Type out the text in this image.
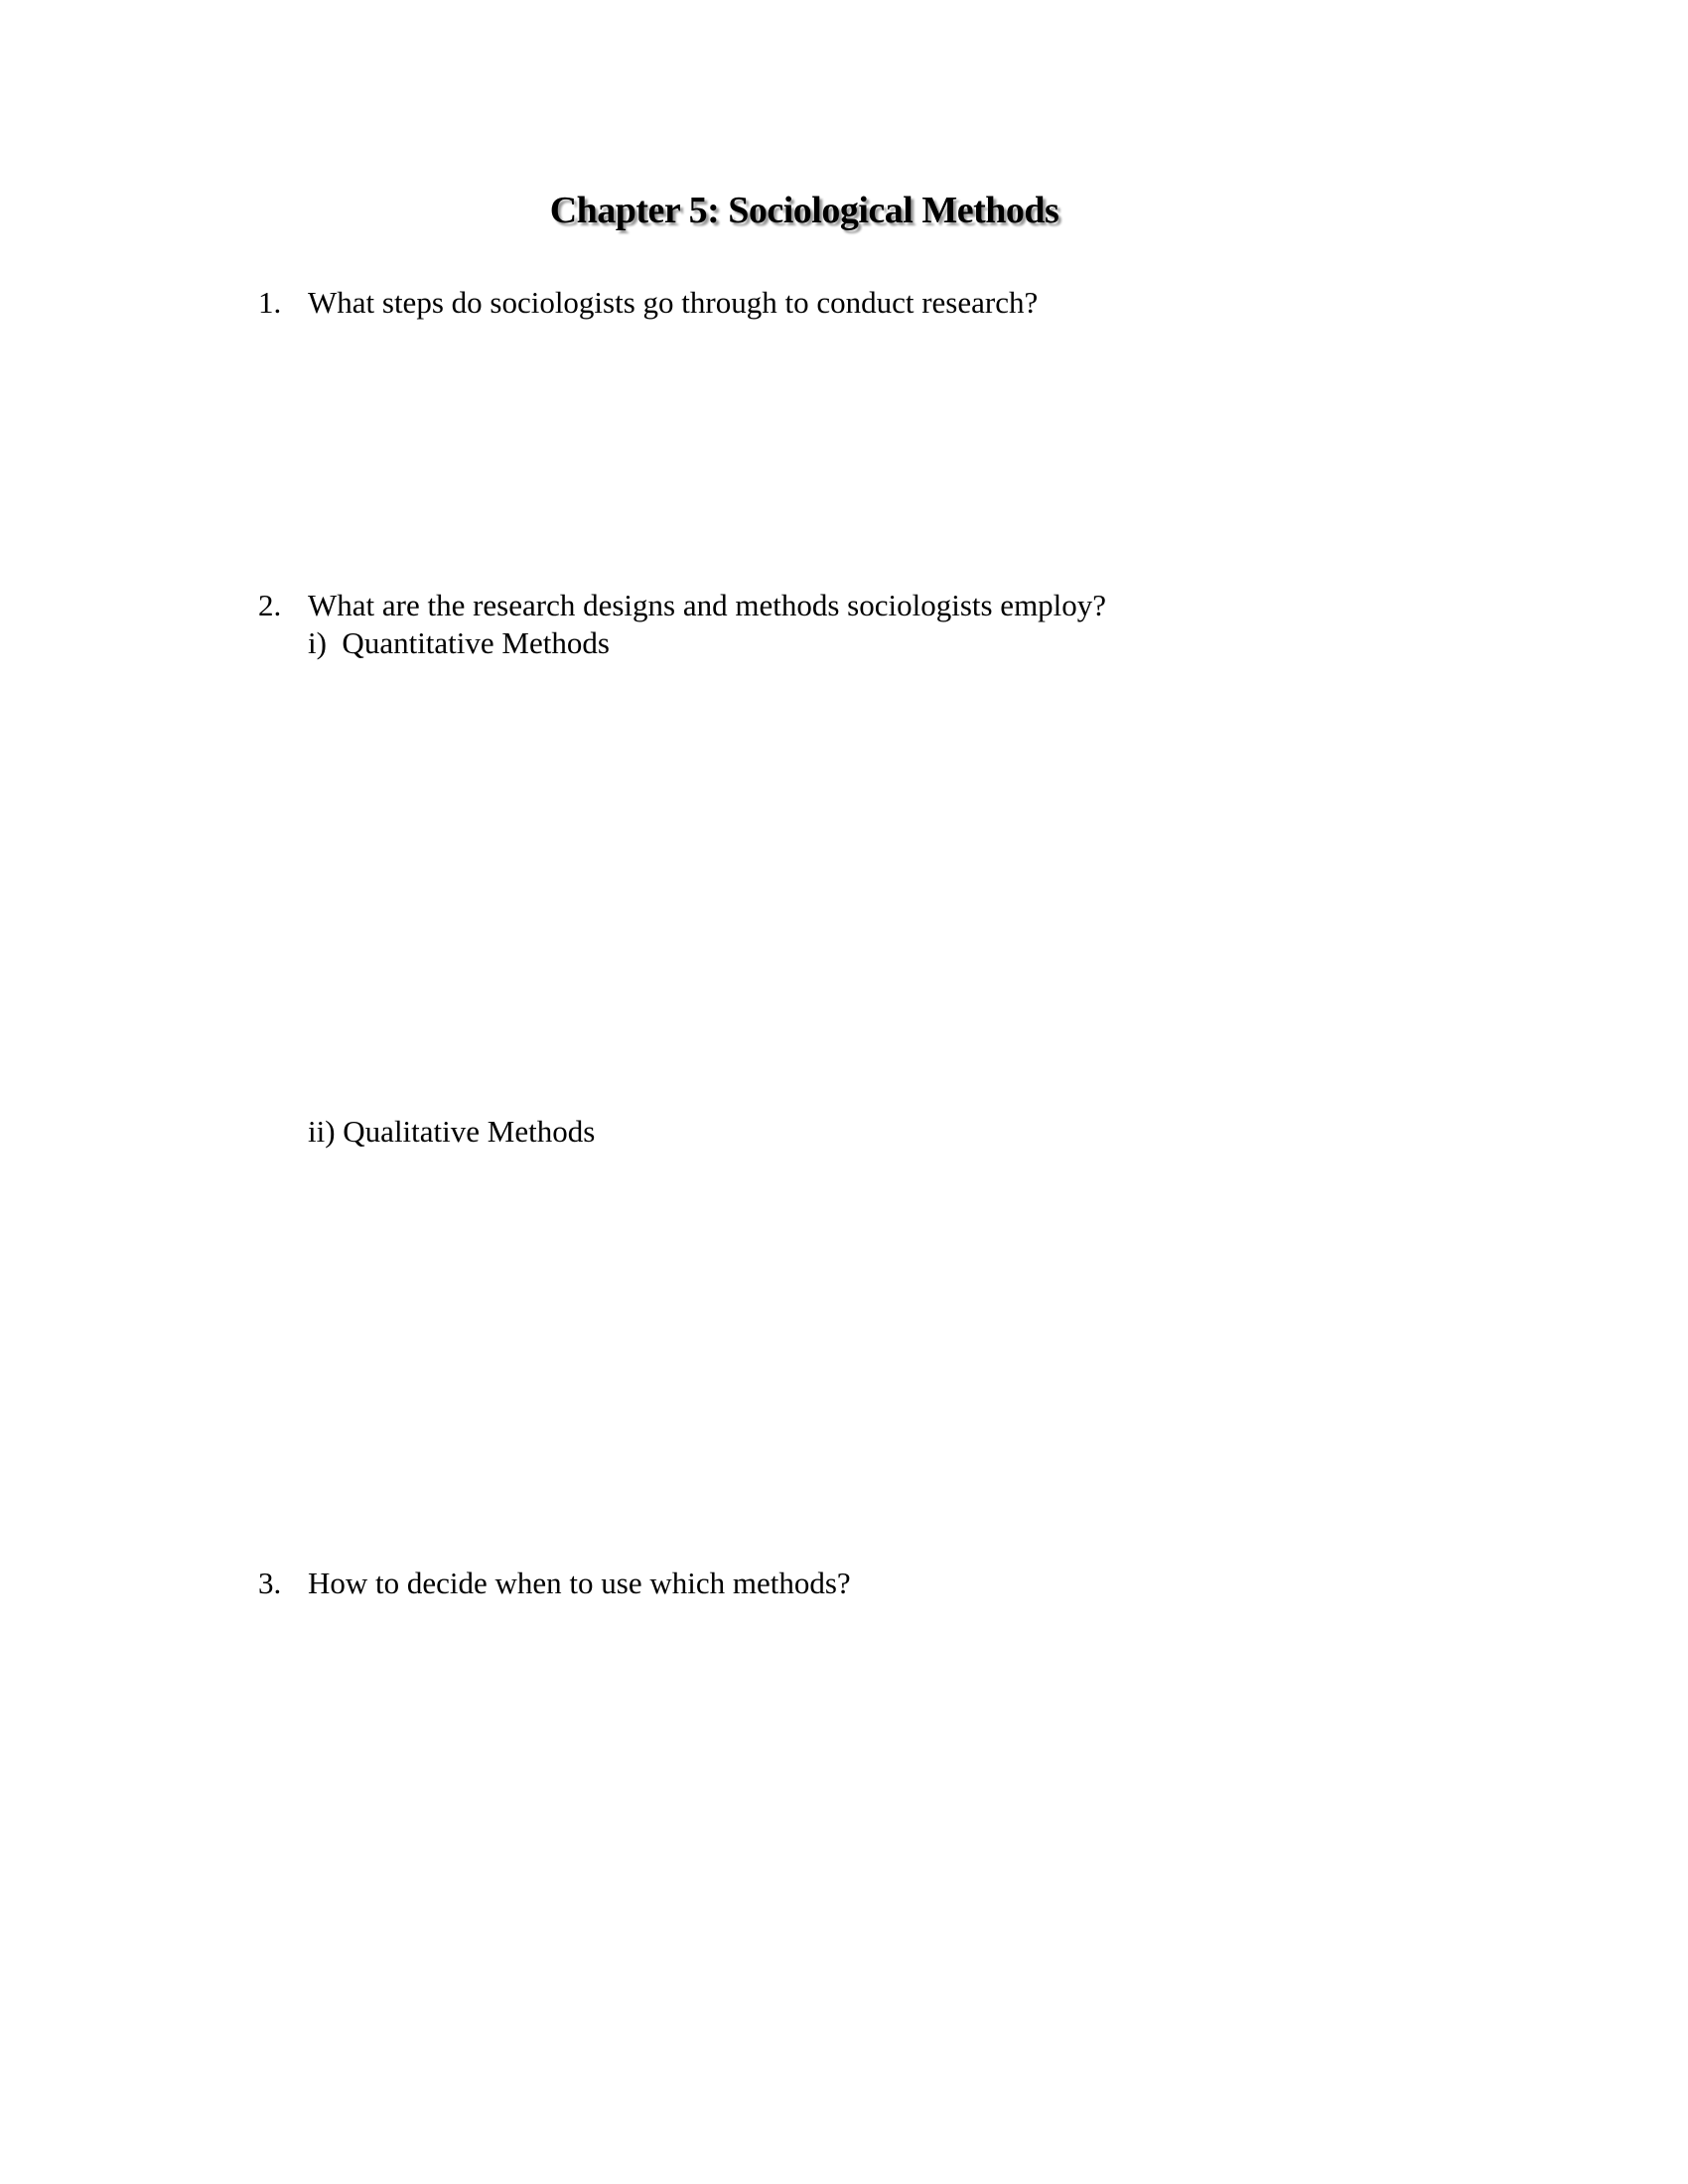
Chapter 5: Sociological Methods
1. What steps do sociologists go through to conduct research?
2. What are the research designs and methods sociologists employ?
i)  Quantitative Methods
ii) Qualitative Methods
3. How to decide when to use which methods?
